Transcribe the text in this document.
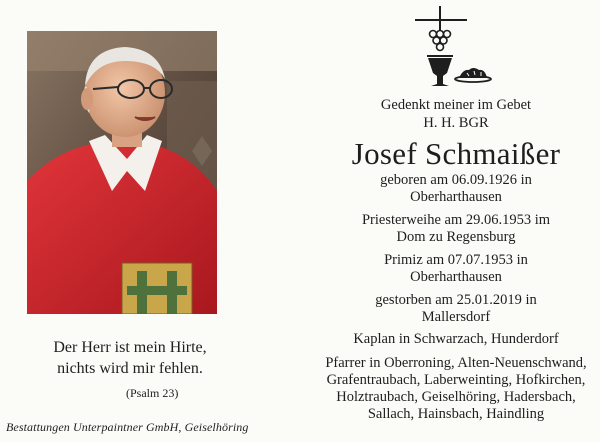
Der Herr ist mein Hirte,
nichts wird mir fehlen.
(Psalm 23)
Bestattungen Unterpaintner GmbH, Geiselhöring
Gedenkt meiner im Gebet
H. H. BGR
Josef Schmaißer
geboren am 06.09.1926 in
Oberharthausen
Priesterweihe am 29.06.1953 im
Dom zu Regensburg
Primiz am 07.07.1953 in
Oberharthausen
gestorben am 25.01.2019 in
Mallersdorf
Kaplan in Schwarzach, Hunderdorf
Pfarrer in Oberroning, Alten-Neuenschwand,
Grafentraubach, Laberweinting, Hofkirchen,
Holztraubach, Geiselhöring, Hadersbach,
Sallach, Hainsbach, Haindling
